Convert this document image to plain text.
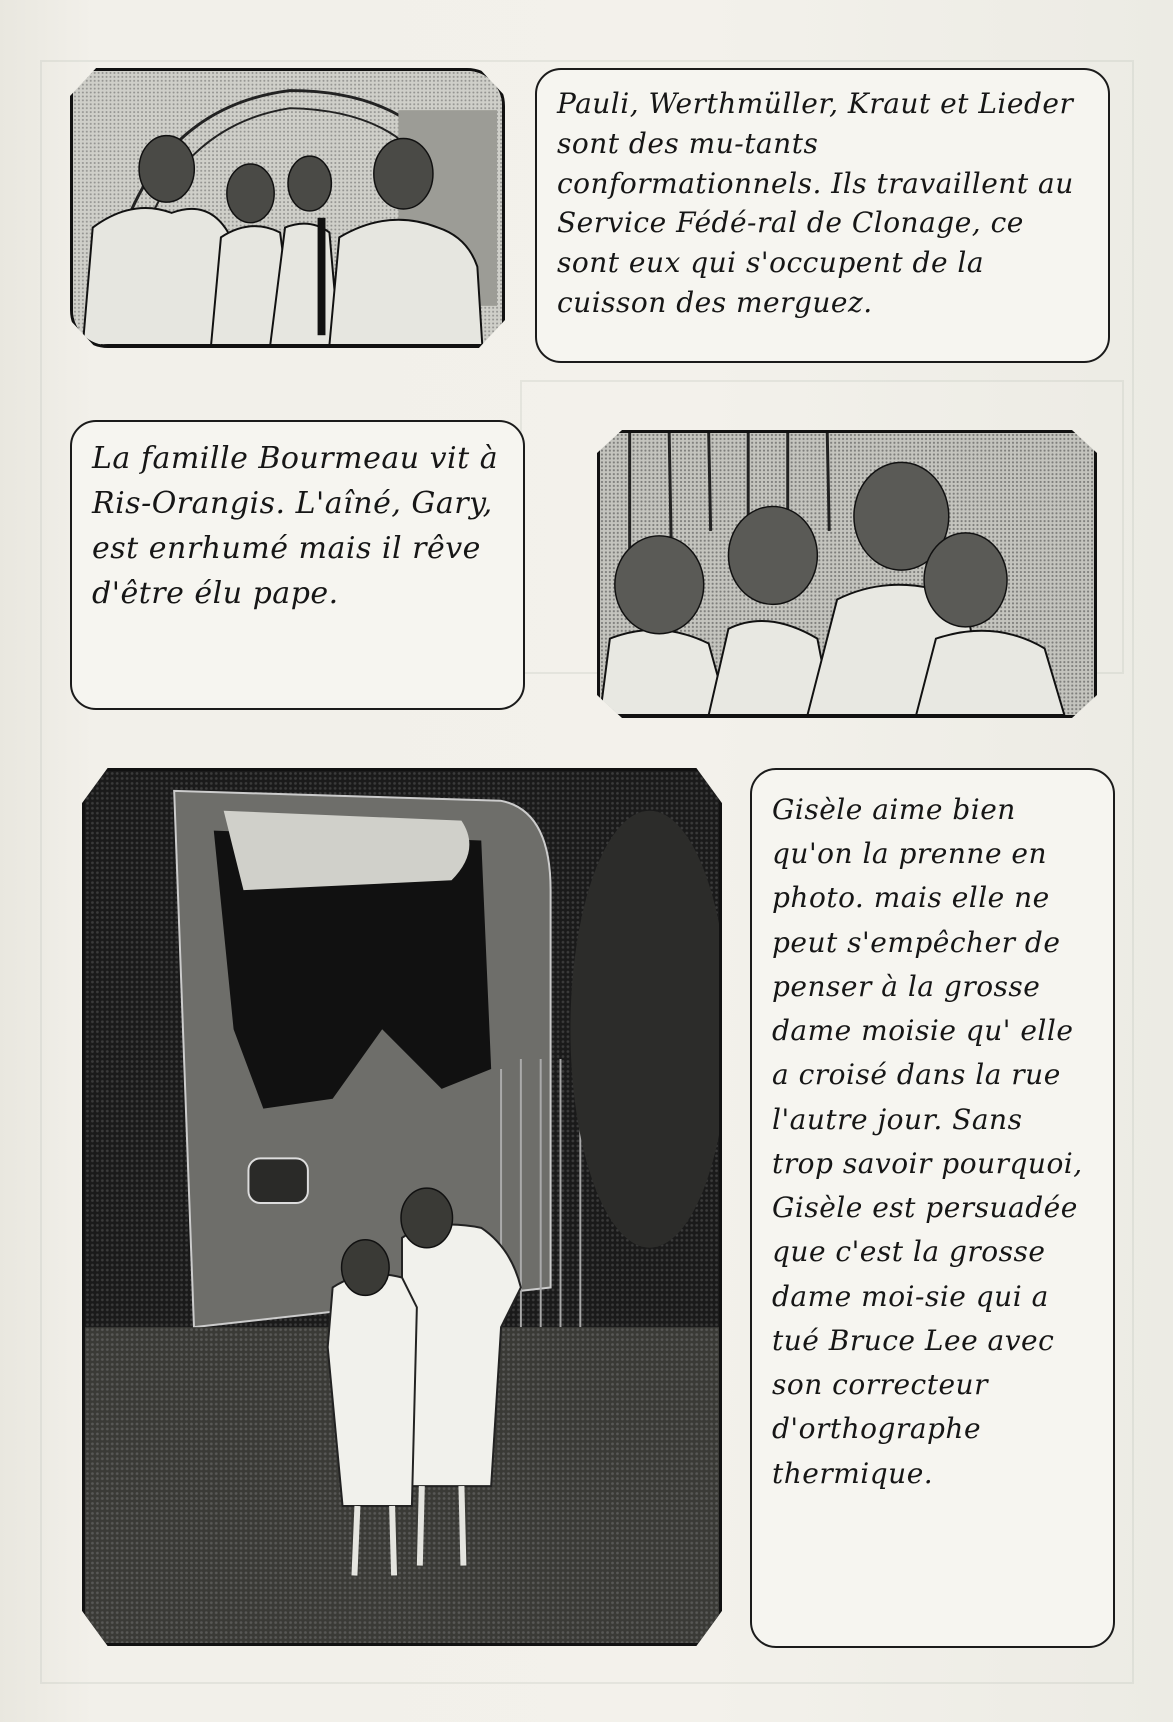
Pauli, Werthmüller, Kraut et Lieder sont des mu-tants conformationnels. Ils travaillent au Service Fédé-ral de Clonage, ce sont eux qui s'occupent de la cuisson des merguez.
La famille Bourmeau vit à Ris-Orangis. L'aîné, Gary, est enrhumé mais il rêve d'être élu pape.
Gisèle aime bien qu'on la prenne en photo. mais elle ne peut s'empêcher de penser à la grosse dame moisie qu' elle a croisé dans la rue l'autre jour. Sans trop savoir pourquoi, Gisèle est persuadée que c'est la grosse dame moi-sie qui a tué Bruce Lee avec son correcteur d'orthographe thermique.
